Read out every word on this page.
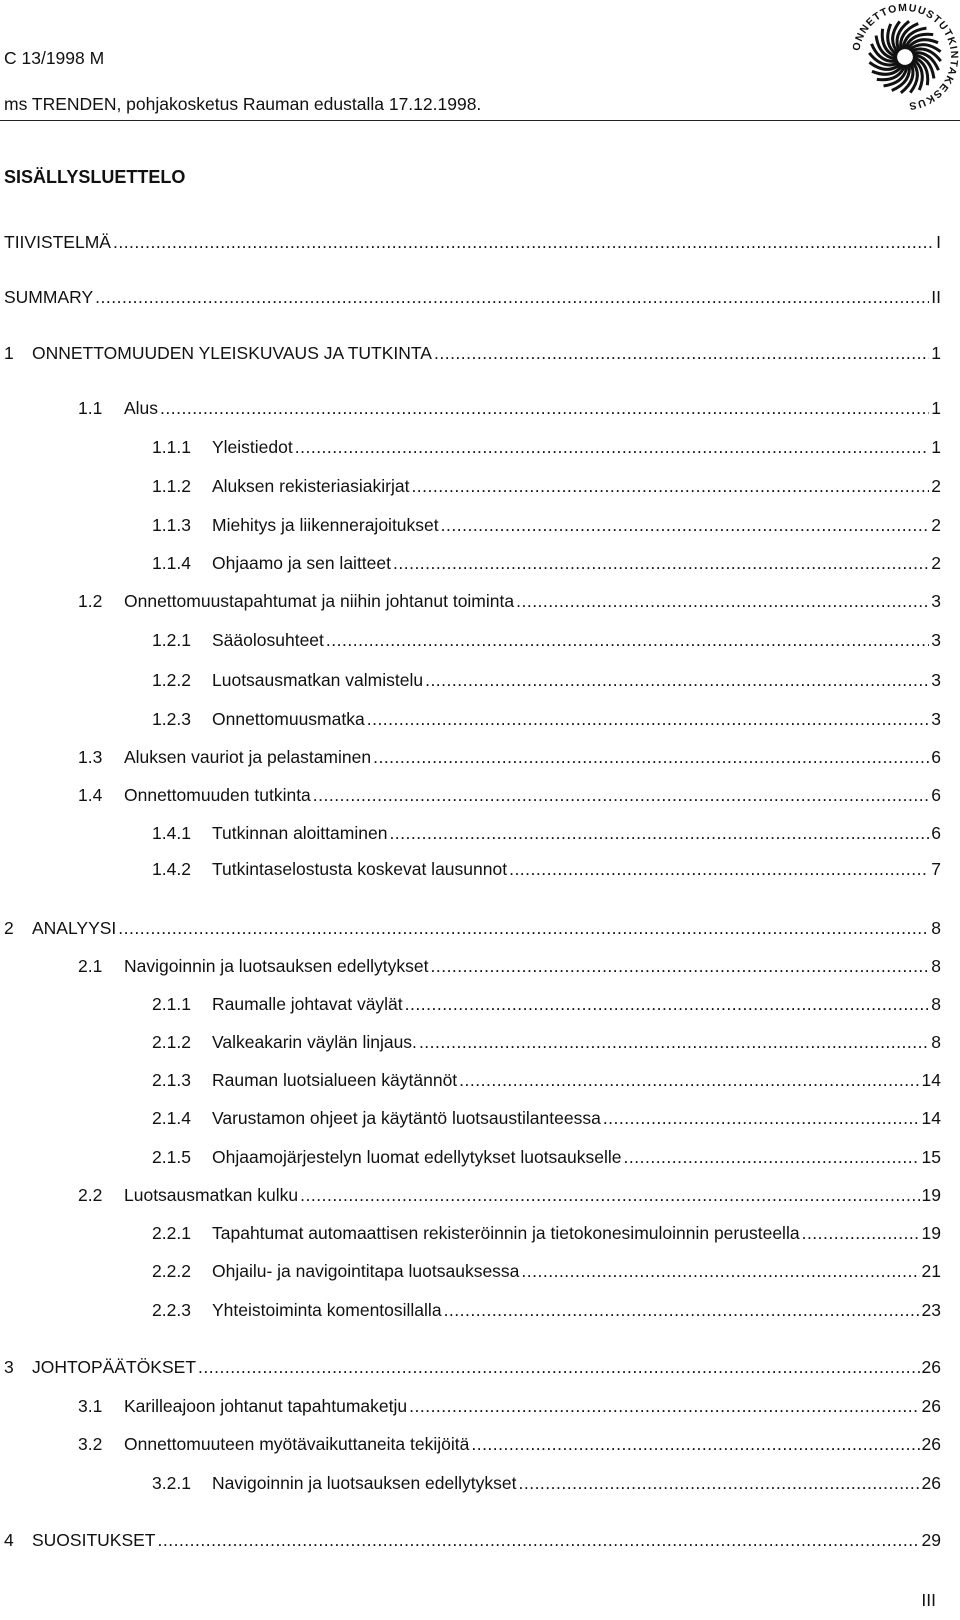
C 13/1998 M
ms TRENDEN, pohjakosketus Rauman edustalla 17.12.1998.
ONNETTOMUUSTUTKINTAKESKUS
SISÄLLYSLUETTELO
TIIVISTELMÄ .....	I
SUMMARY .....	II
1	ONNETTOMUUDEN YLEISKUVAUS JA TUTKINTA .....	1
1.1	Alus .....	1
1.1.1	Yleistiedot .....	1
1.1.2	Aluksen rekisteriasiakirjat .....	2
1.1.3	Miehitys ja liikennerajoitukset .....	2
1.1.4	Ohjaamo ja sen laitteet .....	2
1.2	Onnettomuustapahtumat ja niihin johtanut toiminta .....	3
1.2.1	Sääolosuhteet .....	3
1.2.2	Luotsausmatkan valmistelu .....	3
1.2.3	Onnettomuusmatka .....	3
1.3	Aluksen vauriot ja pelastaminen .....	6
1.4	Onnettomuuden tutkinta .....	6
1.4.1	Tutkinnan aloittaminen .....	6
1.4.2	Tutkintaselostusta koskevat lausunnot .....	7
2	ANALYYSI .....	8
2.1	Navigoinnin ja luotsauksen edellytykset .....	8
2.1.1	Raumalle johtavat väylät .....	8
2.1.2	Valkeakarin väylän linjaus. .....	8
2.1.3	Rauman luotsialueen käytännöt .....	14
2.1.4	Varustamon ohjeet ja käytäntö luotsaustilanteessa .....	14
2.1.5	Ohjaamojärjestelyn luomat edellytykset luotsaukselle .....	15
2.2	Luotsausmatkan kulku .....	19
2.2.1	Tapahtumat automaattisen rekisteröinnin ja tietokonesimuloinnin perusteella .....	19
2.2.2	Ohjailu- ja navigointitapa luotsauksessa .....	21
2.2.3	Yhteistoiminta komentosillalla .....	23
3	JOHTOPÄÄTÖKSET .....	26
3.1	Karilleajoon johtanut tapahtumaketju .....	26
3.2	Onnettomuuteen myötävaikuttaneita tekijöitä .....	26
3.2.1	Navigoinnin ja luotsauksen edellytykset .....	26
4	SUOSITUKSET .....	29
III
